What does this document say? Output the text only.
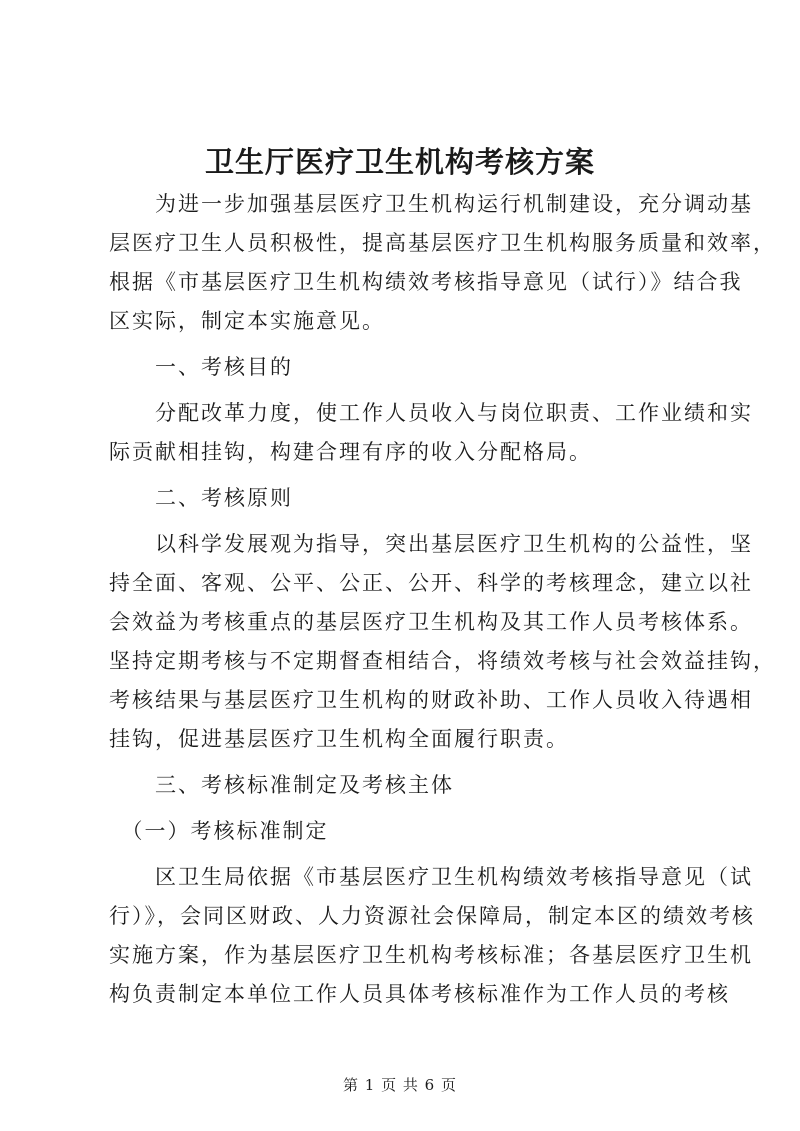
卫生厅医疗卫生机构考核方案
　　为进一步加强基层医疗卫生机构运行机制建设，充分调动基
层医疗卫生人员积极性，提高基层医疗卫生机构服务质量和效率，
根据《市基层医疗卫生机构绩效考核指导意见（试行）》结合我
区实际，制定本实施意见。
　　一、考核目的
　　分配改革力度，使工作人员收入与岗位职责、工作业绩和实
际贡献相挂钩，构建合理有序的收入分配格局。
　　二、考核原则
　　以科学发展观为指导，突出基层医疗卫生机构的公益性，坚
持全面、客观、公平、公正、公开、科学的考核理念，建立以社
会效益为考核重点的基层医疗卫生机构及其工作人员考核体系。
坚持定期考核与不定期督查相结合，将绩效考核与社会效益挂钩，
考核结果与基层医疗卫生机构的财政补助、工作人员收入待遇相
挂钩，促进基层医疗卫生机构全面履行职责。
　　三、考核标准制定及考核主体
　（一）考核标准制定
　　区卫生局依据《市基层医疗卫生机构绩效考核指导意见（试
行）》，会同区财政、人力资源社会保障局，制定本区的绩效考核
实施方案，作为基层医疗卫生机构考核标准；各基层医疗卫生机
构负责制定本单位工作人员具体考核标准作为工作人员的考核
第 1 页 共 6 页
